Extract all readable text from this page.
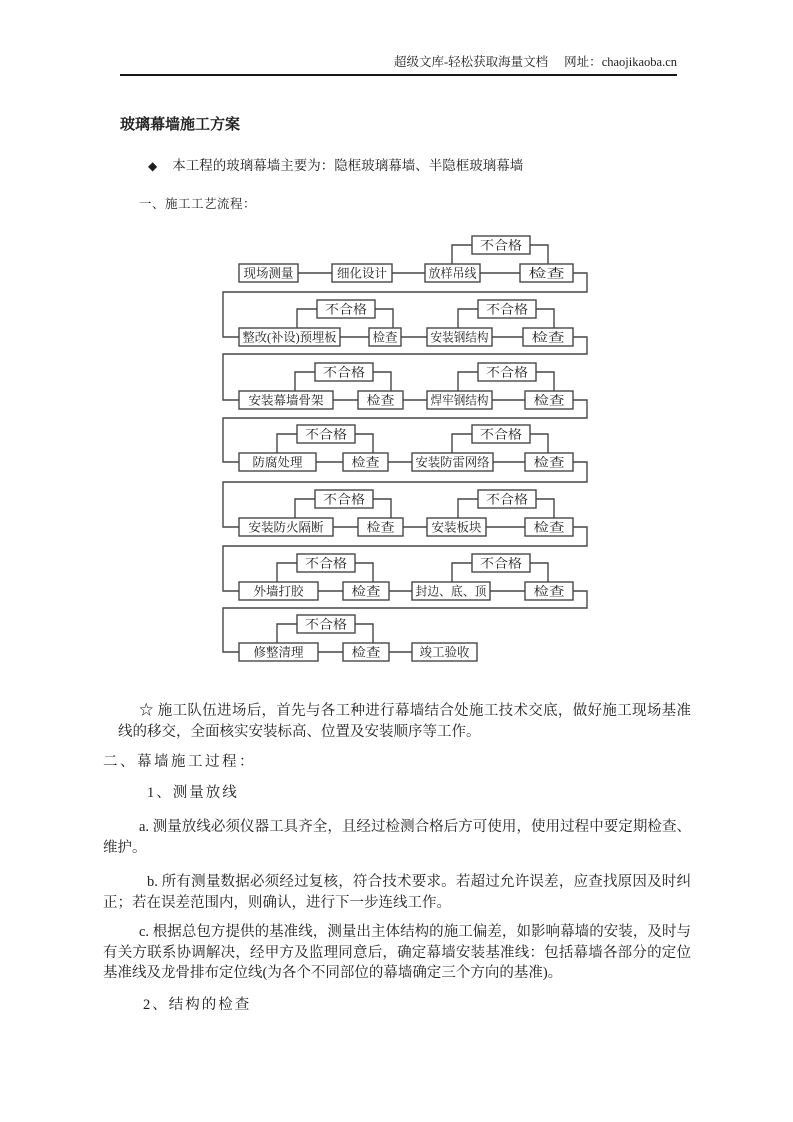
超级文库-轻松获取海量文档 网址：chaojikaoba.cn
玻璃幕墙施工方案
◆ 本工程的玻璃幕墙主要为：隐框玻璃幕墙、半隐框玻璃幕墙
一、施工工艺流程：
不合格
现场测量	细化设计	放样吊线	检查
不合格	不合格
整改(补设)预埋板	检查	安装钢结构	检查
不合格	不合格
安装幕墙骨架	检查	焊牢钢结构	检查
不合格	不合格
防腐处理	检查	安装防雷网络	检查
不合格	不合格
安装防火隔断	检查	安装板块	检查
不合格	不合格
外墙打胶	检查	封边、底、顶	检查
不合格
修整清理	检查	竣工验收

☆ 施工队伍进场后，首先与各工种进行幕墙结合处施工技术交底，做好施工现场基准线的移交，全面核实安装标高、位置及安装顺序等工作。

二、幕墙施工过程：
1、测量放线

a. 测量放线必须仪器工具齐全，且经过检测合格后方可使用，使用过程中要定期检查、维护。

b. 所有测量数据必须经过复核，符合技术要求。若超过允许误差，应查找原因及时纠正；若在误差范围内，则确认，进行下一步连线工作。

c. 根据总包方提供的基准线，测量出主体结构的施工偏差，如影响幕墙的安装，及时与有关方联系协调解决，经甲方及监理同意后，确定幕墙安装基准线：包括幕墙各部分的定位基准线及龙骨排布定位线(为各个不同部位的幕墙确定三个方向的基准)。

2、结构的检查
